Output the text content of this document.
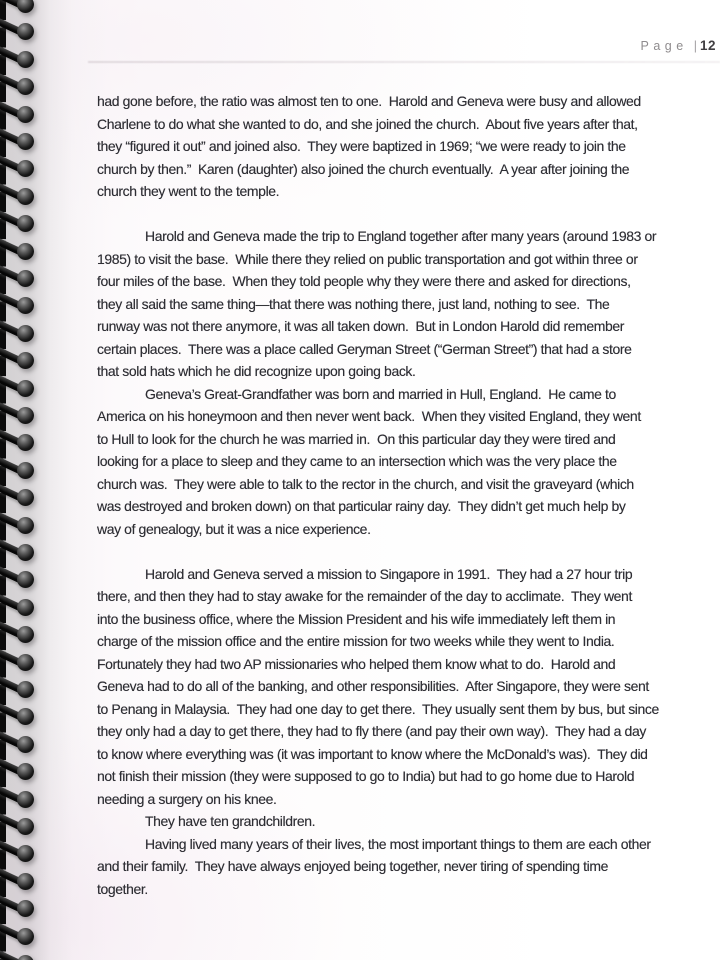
Page | 12
had gone before, the ratio was almost ten to one.  Harold and Geneva were busy and allowed
Charlene to do what she wanted to do, and she joined the church.  About five years after that,
they “figured it out” and joined also.  They were baptized in 1969; “we were ready to join the
church by then.”  Karen (daughter) also joined the church eventually.  A year after joining the
church they went to the temple.
Harold and Geneva made the trip to England together after many years (around 1983 or
1985) to visit the base.  While there they relied on public transportation and got within three or
four miles of the base.  When they told people why they were there and asked for directions,
they all said the same thing—that there was nothing there, just land, nothing to see.  The
runway was not there anymore, it was all taken down.  But in London Harold did remember
certain places.  There was a place called Geryman Street (“German Street”) that had a store
that sold hats which he did recognize upon going back.
Geneva’s Great-Grandfather was born and married in Hull, England.  He came to
America on his honeymoon and then never went back.  When they visited England, they went
to Hull to look for the church he was married in.  On this particular day they were tired and
looking for a place to sleep and they came to an intersection which was the very place the
church was.  They were able to talk to the rector in the church, and visit the graveyard (which
was destroyed and broken down) on that particular rainy day.  They didn’t get much help by
way of genealogy, but it was a nice experience.
Harold and Geneva served a mission to Singapore in 1991.  They had a 27 hour trip
there, and then they had to stay awake for the remainder of the day to acclimate.  They went
into the business office, where the Mission President and his wife immediately left them in
charge of the mission office and the entire mission for two weeks while they went to India.
Fortunately they had two AP missionaries who helped them know what to do.  Harold and
Geneva had to do all of the banking, and other responsibilities.  After Singapore, they were sent
to Penang in Malaysia.  They had one day to get there.  They usually sent them by bus, but since
they only had a day to get there, they had to fly there (and pay their own way).  They had a day
to know where everything was (it was important to know where the McDonald’s was).  They did
not finish their mission (they were supposed to go to India) but had to go home due to Harold
needing a surgery on his knee.
They have ten grandchildren.
Having lived many years of their lives, the most important things to them are each other
and their family.  They have always enjoyed being together, never tiring of spending time
together.
